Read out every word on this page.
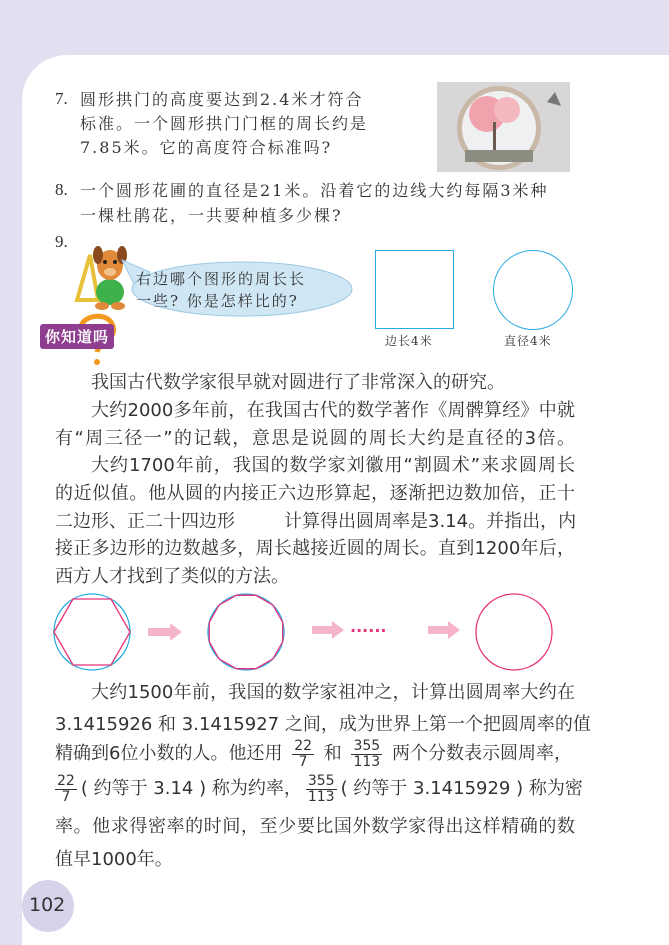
7. 圆形拱门的高度要达到2.4米才符合
标准。一个圆形拱门门框的周长约是
7.85米。它的高度符合标准吗?
8. 一个圆形花圃的直径是21米。沿着它的边线大约每隔3米种
一棵杜鹃花，一共要种植多少棵?
9.
右边哪个图形的周长长
一些? 你是怎样比的?
边长4米	直径4米
你知道吗
我国古代数学家很早就对圆进行了非常深入的研究。
大约2000多年前，在我国古代的数学著作《周髀算经》中就
有“周三径一”的记载，意思是说圆的周长大约是直径的3倍。
大约1700年前，我国的数学家刘徽用“割圆术”来求圆周长
的近似值。他从圆的内接正六边形算起，逐渐把边数加倍，正十
二边形、正二十四边形	计算得出圆周率是3.14。并指出，内
接正多边形的边数越多，周长越接近圆的周长。直到1200年后，
西方人才找到了类似的方法。
······
大约1500年前，我国的数学家祖冲之，计算出圆周率大约在
3.1415926 和 3.1415927 之间，成为世界上第一个把圆周率的值
精确到6位小数的人。他还用 $\frac{22}{7}$ 和 $\frac{355}{113}$ 两个分数表示圆周率，
$\frac{22}{7}$ ( 约等于 3.14 ) 称为约率， $\frac{355}{113}$ ( 约等于 3.1415929 ) 称为密
率。他求得密率的时间，至少要比国外数学家得出这样精确的数
值早1000年。
102
